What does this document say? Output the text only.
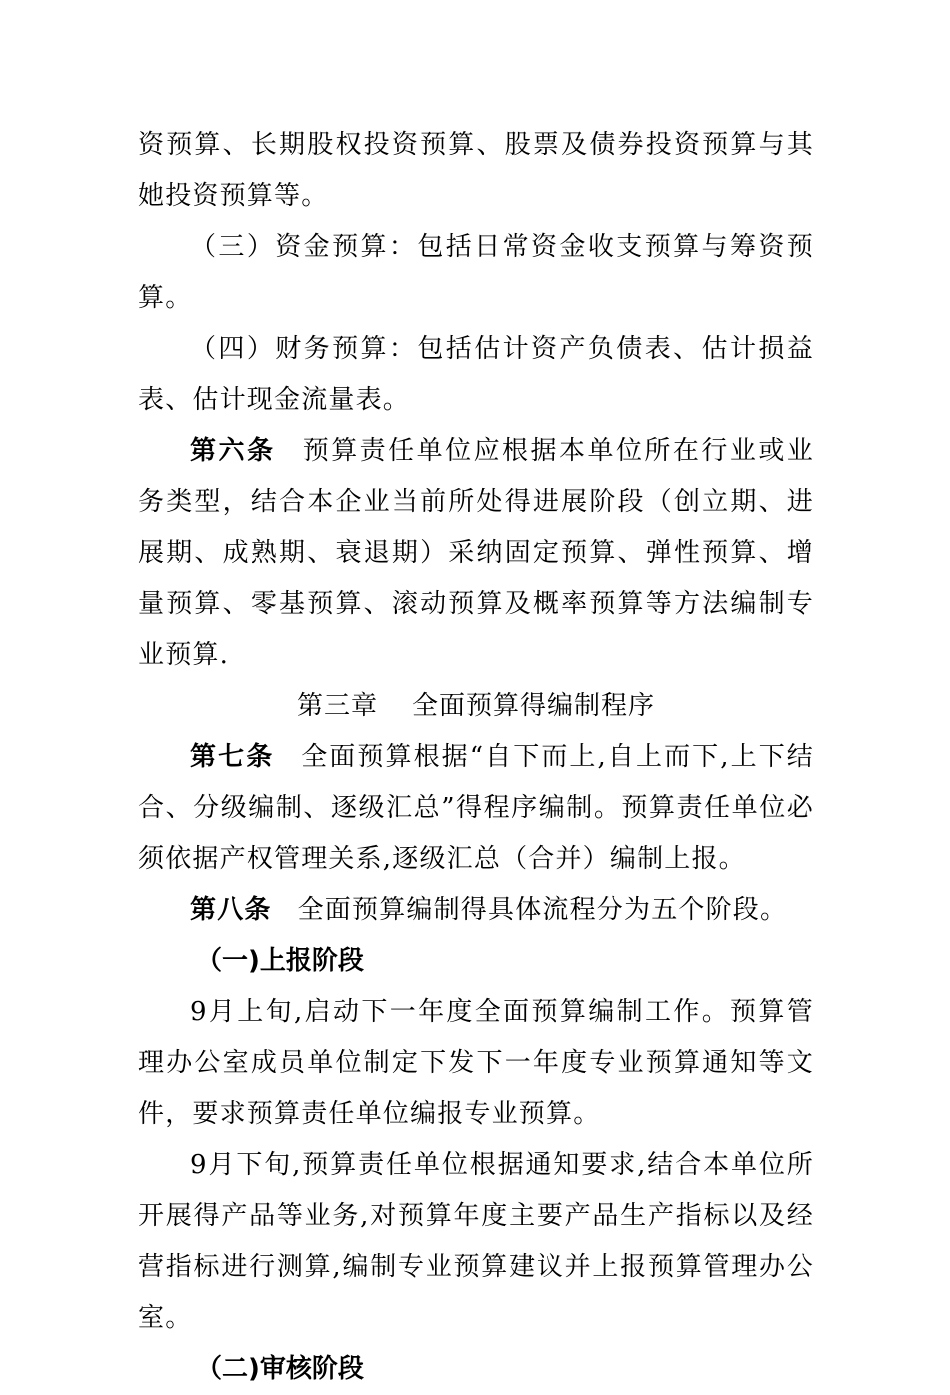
资预算、长期股权投资预算、股票及债券投资预算与其她投资预算等。

（三）资金预算：包括日常资金收支预算与筹资预算。

（四）财务预算：包括估计资产负债表、估计损益表、估计现金流量表。

第六条 预算责任单位应根据本单位所在行业或业务类型，结合本企业当前所处得进展阶段（创立期、进展期、成熟期、衰退期）采纳固定预算、弹性预算、增量预算、零基预算、滚动预算及概率预算等方法编制专业预算.

第三章 全面预算得编制程序

第七条 全面预算根据“自下而上,自上而下,上下结合、分级编制、逐级汇总”得程序编制。预算责任单位必须依据产权管理关系,逐级汇总（合并）编制上报。

第八条 全面预算编制得具体流程分为五个阶段。

（一)上报阶段

9月上旬,启动下一年度全面预算编制工作。预算管理办公室成员单位制定下发下一年度专业预算通知等文件，要求预算责任单位编报专业预算。

9月下旬,预算责任单位根据通知要求,结合本单位所开展得产品等业务,对预算年度主要产品生产指标以及经营指标进行测算,编制专业预算建议并上报预算管理办公室。

（二)审核阶段
